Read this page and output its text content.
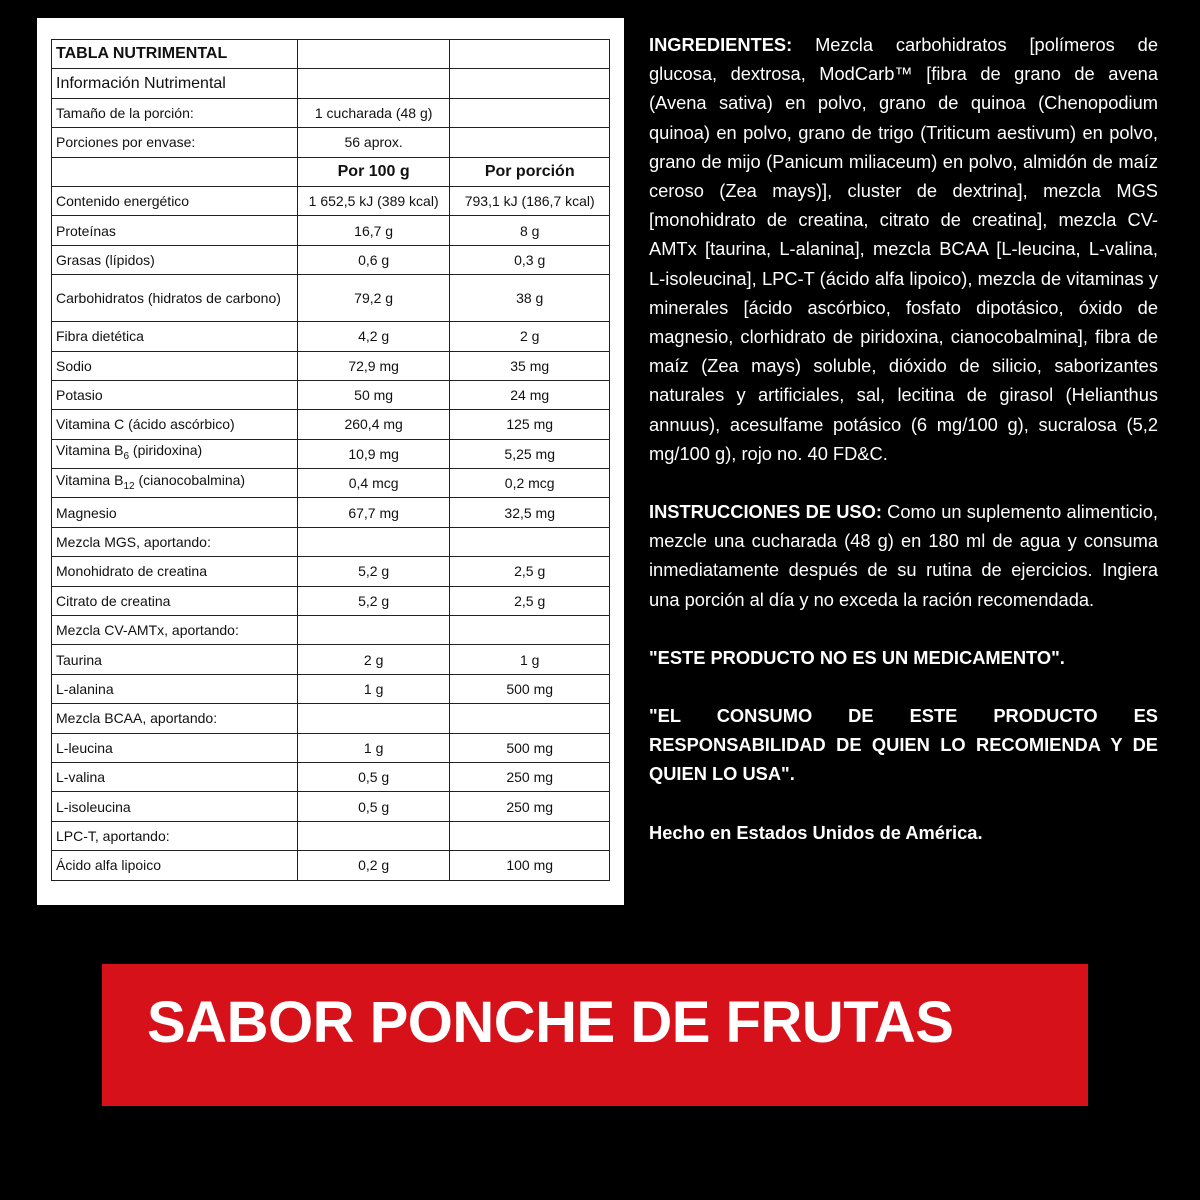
TABLA NUTRIMENTAL		
Información Nutrimental		
Tamaño de la porción:	1 cucharada (48 g)	
Porciones por envase:	56 aprox.	
	Por 100 g	Por porción
Contenido energético	1 652,5 kJ (389 kcal)	793,1 kJ (186,7 kcal)
Proteínas	16,7 g	8 g
Grasas (lípidos)	0,6 g	0,3 g
Carbohidratos (hidratos de carbono)	79,2 g	38 g
Fibra dietética	4,2 g	2 g
Sodio	72,9 mg	35 mg
Potasio	50 mg	24 mg
Vitamina C (ácido ascórbico)	260,4 mg	125 mg
Vitamina $B_6$ (piridoxina)	10,9 mg	5,25 mg
Vitamina $B_{12}$ (cianocobalmina)	0,4 mcg	0,2 mcg
Magnesio	67,7 mg	32,5 mg
Mezcla MGS, aportando:		
Monohidrato de creatina	5,2 g	2,5 g
Citrato de creatina	5,2 g	2,5 g
Mezcla CV-AMTx, aportando:		
Taurina	2 g	1 g
L-alanina	1 g	500 mg
Mezcla BCAA, aportando:		
L-leucina	1 g	500 mg
L-valina	0,5 g	250 mg
L-isoleucina	0,5 g	250 mg
LPC-T, aportando:		
Ácido alfa lipoico	0,2 g	100 mg

INGREDIENTES: Mezcla carbohidratos [polímeros de glucosa, dextrosa, ModCarb™ [fibra de grano de avena (Avena sativa) en polvo, grano de quinoa (Chenopodium quinoa) en polvo, grano de trigo (Triticum aestivum) en polvo, grano de mijo (Panicum miliaceum) en polvo, almidón de maíz ceroso (Zea mays)], cluster de dextrina], mezcla MGS [monohidrato de creatina, citrato de creatina], mezcla CV-AMTx [taurina, L-alanina], mezcla BCAA [L-leucina, L-valina, L-isoleucina], LPC-T (ácido alfa lipoico), mezcla de vitaminas y minerales [ácido ascórbico, fosfato dipotásico, óxido de magnesio, clorhidrato de piridoxina, cianocobalmina], fibra de maíz (Zea mays) soluble, dióxido de silicio, saborizantes naturales y artificiales, sal, lecitina de girasol (Helianthus annuus), acesulfame potásico (6 mg/100 g), sucralosa (5,2 mg/100 g), rojo no. 40 FD&C.

INSTRUCCIONES DE USO: Como un suplemento alimenticio, mezcle una cucharada (48 g) en 180 ml de agua y consuma inmediatamente después de su rutina de ejercicios. Ingiera una porción al día y no exceda la ración recomendada.

"ESTE PRODUCTO NO ES UN MEDICAMENTO".

"EL CONSUMO DE ESTE PRODUCTO ES RESPONSABILIDAD DE QUIEN LO RECOMIENDA Y DE QUIEN LO USA".

Hecho en Estados Unidos de América.

SABOR PONCHE DE FRUTAS
